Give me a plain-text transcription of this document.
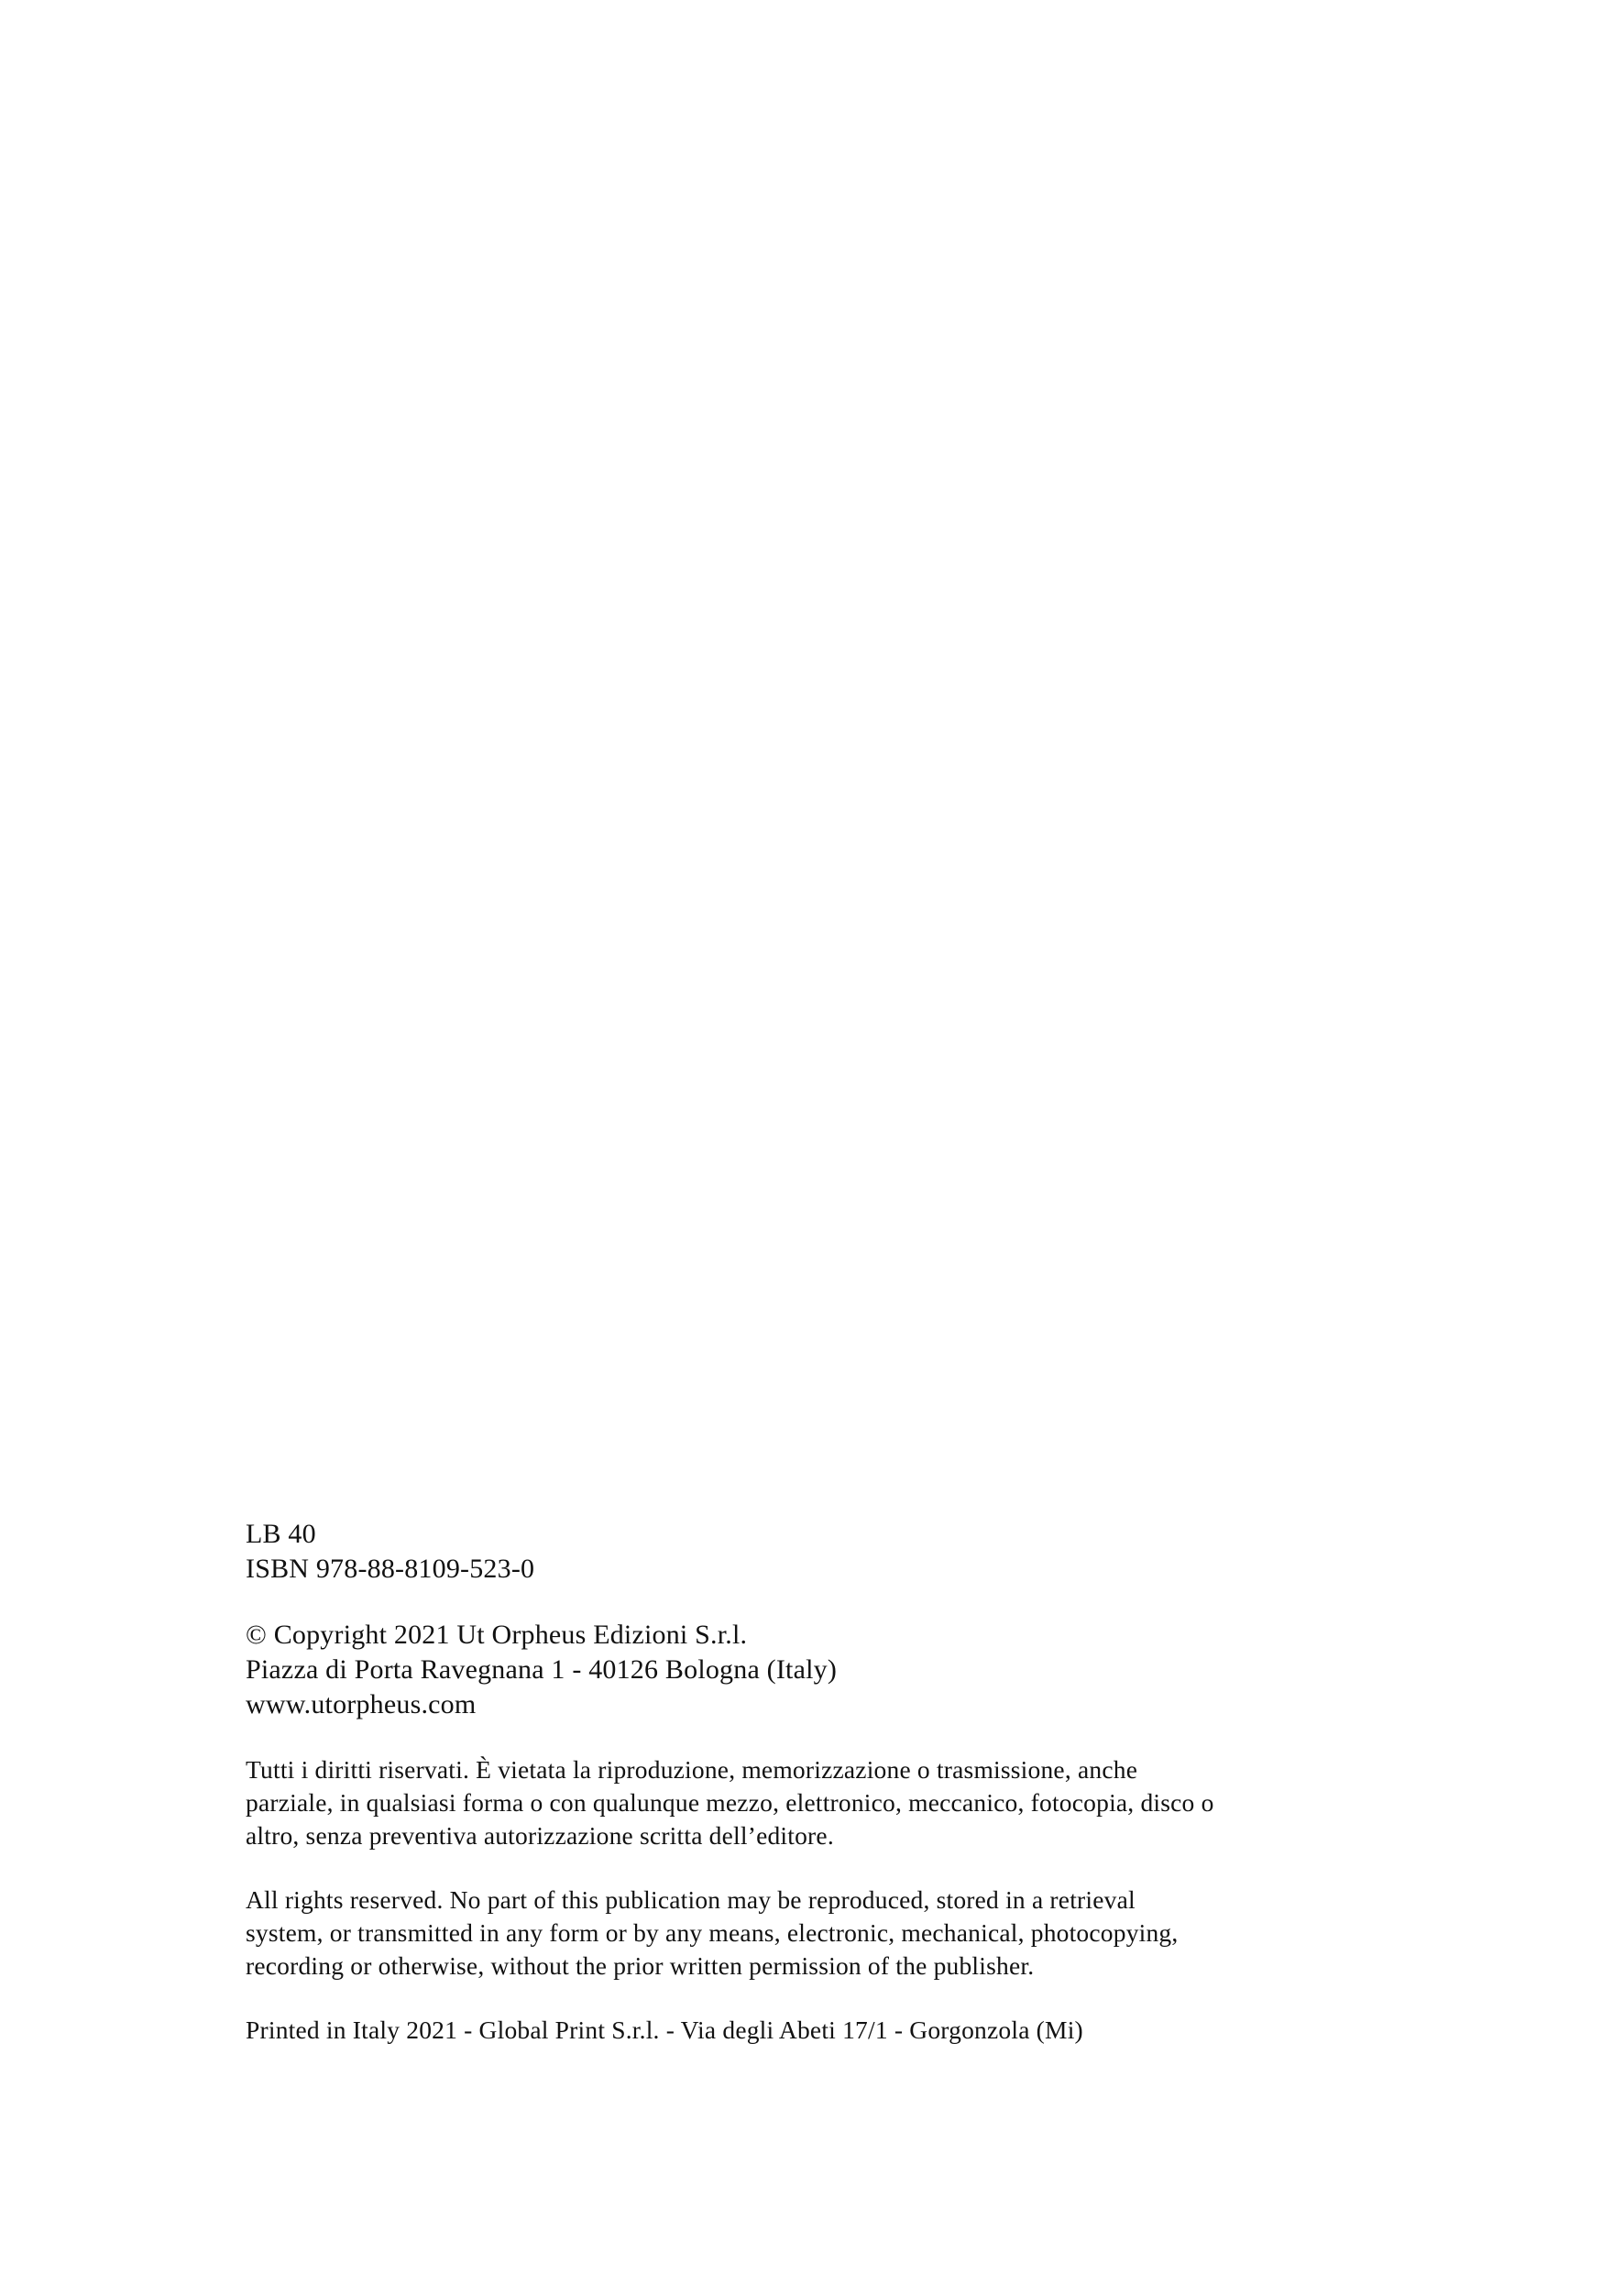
LB 40
ISBN 978-88-8109-523-0
© Copyright 2021 Ut Orpheus Edizioni S.r.l.
Piazza di Porta Ravegnana 1 - 40126 Bologna (Italy)
www.utorpheus.com
Tutti i diritti riservati. È vietata la riproduzione, memorizzazione o trasmissione, anche
parziale, in qualsiasi forma o con qualunque mezzo, elettronico, meccanico, fotocopia, disco o
altro, senza preventiva autorizzazione scritta dell’editore.
All rights reserved. No part of this publication may be reproduced, stored in a retrieval
system, or transmitted in any form or by any means, electronic, mechanical, photocopying,
recording or otherwise, without the prior written permission of the publisher.
Printed in Italy 2021 - Global Print S.r.l. - Via degli Abeti 17/1 - Gorgonzola (Mi)
